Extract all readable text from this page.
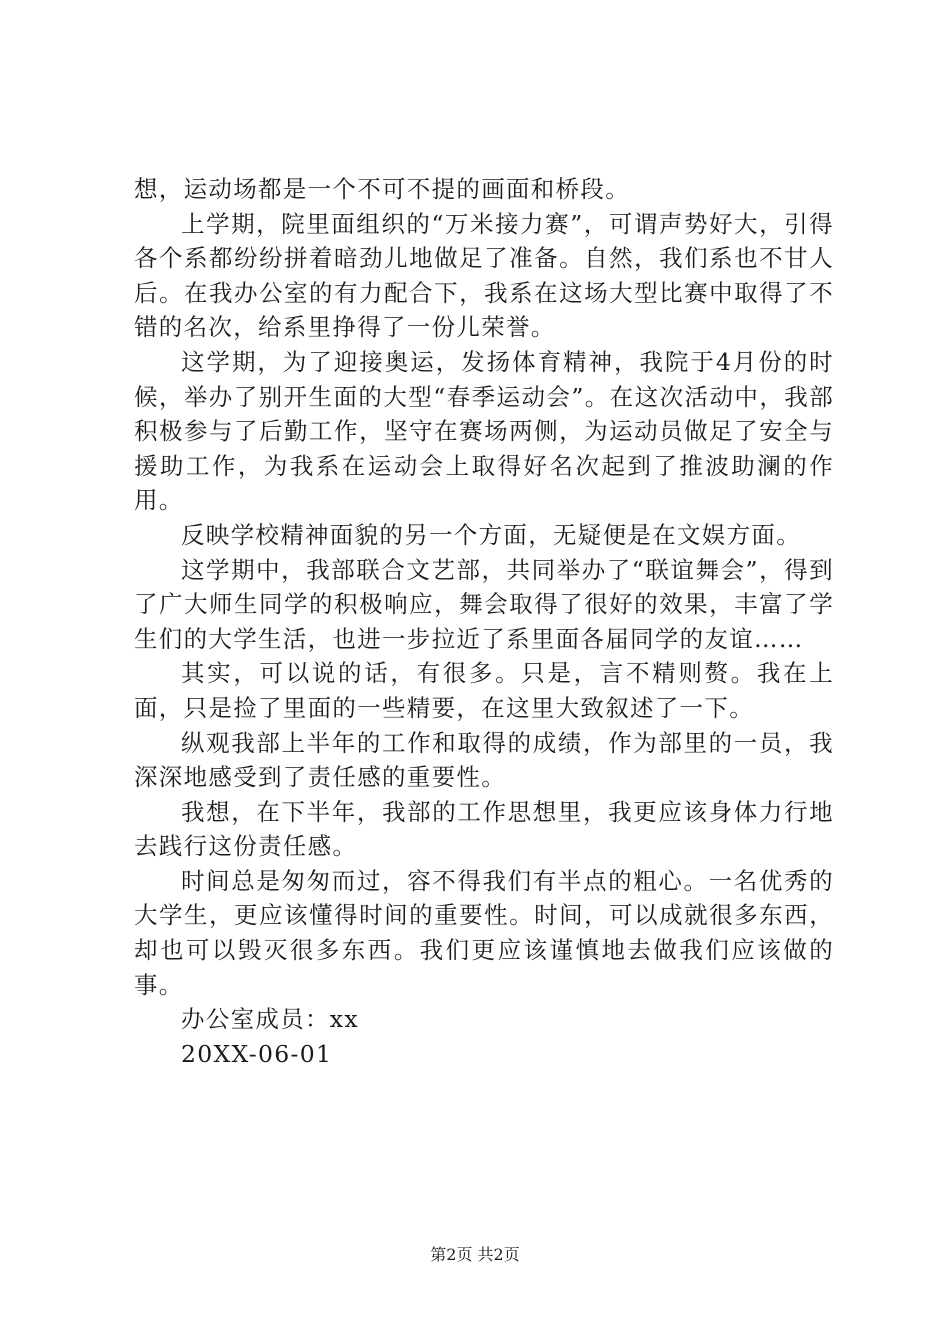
想，运动场都是一个不可不提的画面和桥段。

上学期，院里面组织的“万米接力赛”，可谓声势好大，引得各个系都纷纷拼着暗劲儿地做足了准备。自然，我们系也不甘人后。在我办公室的有力配合下，我系在这场大型比赛中取得了不错的名次，给系里挣得了一份儿荣誉。

这学期，为了迎接奥运，发扬体育精神，我院于4月份的时候，举办了别开生面的大型“春季运动会”。在这次活动中，我部积极参与了后勤工作，坚守在赛场两侧，为运动员做足了安全与援助工作，为我系在运动会上取得好名次起到了推波助澜的作用。

反映学校精神面貌的另一个方面，无疑便是在文娱方面。

这学期中，我部联合文艺部，共同举办了“联谊舞会”，得到了广大师生同学的积极响应，舞会取得了很好的效果，丰富了学生们的大学生活，也进一步拉近了系里面各届同学的友谊……

其实，可以说的话，有很多。只是，言不精则赘。我在上面，只是捡了里面的一些精要，在这里大致叙述了一下。

纵观我部上半年的工作和取得的成绩，作为部里的一员，我深深地感受到了责任感的重要性。

我想，在下半年，我部的工作思想里，我更应该身体力行地去践行这份责任感。

时间总是匆匆而过，容不得我们有半点的粗心。一名优秀的大学生，更应该懂得时间的重要性。时间，可以成就很多东西，却也可以毁灭很多东西。我们更应该谨慎地去做我们应该做的事。

办公室成员：xx

20XX-06-01

第2页 共2页
